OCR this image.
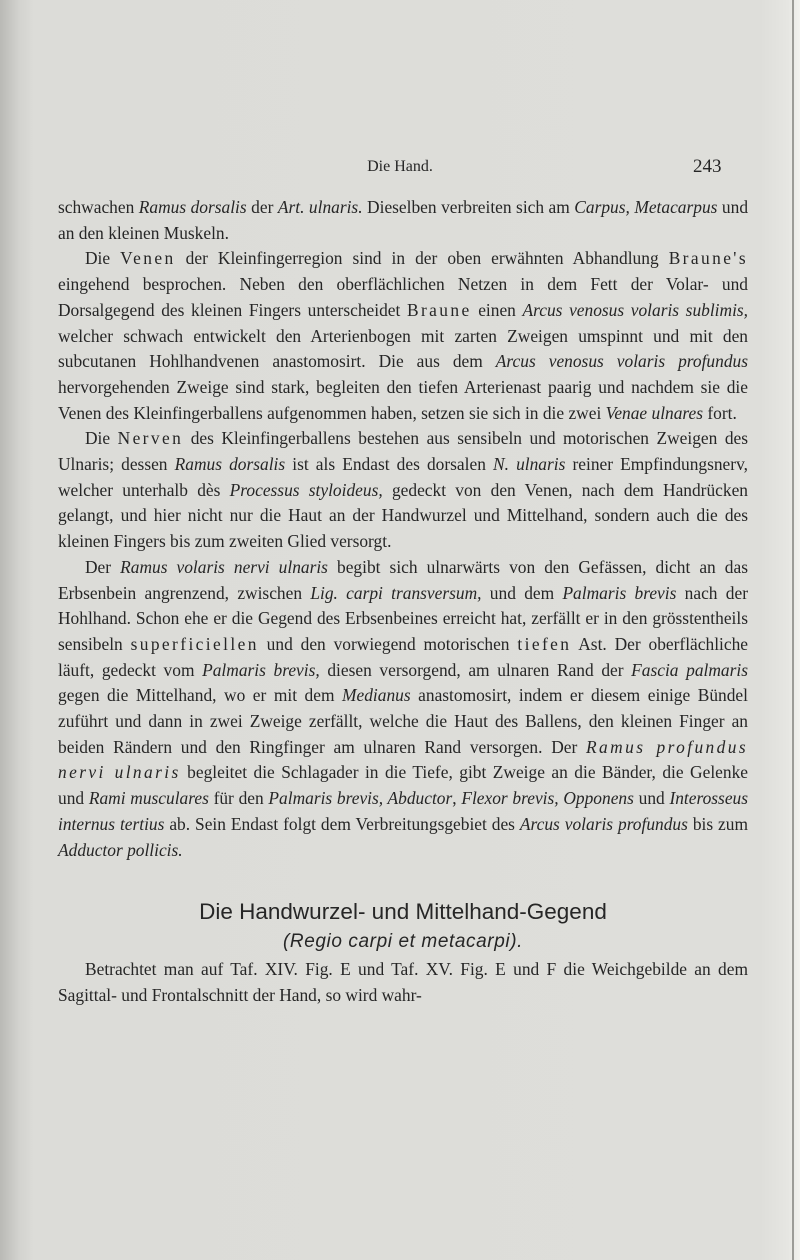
Die Hand.	243

schwachen Ramus dorsalis der Art. ulnaris. Dieselben verbreiten sich am Carpus, Metacarpus und an den kleinen Muskeln.

Die Venen der Kleinfingerregion sind in der oben erwähnten Abhandlung Braune's eingehend besprochen. Neben den oberflächlichen Netzen in dem Fett der Volar- und Dorsalgegend des kleinen Fingers unterscheidet Braune einen Arcus venosus volaris sublimis, welcher schwach entwickelt den Arterienbogen mit zarten Zweigen umspinnt und mit den subcutanen Hohlhandvenen anastomosirt. Die aus dem Arcus venosus volaris profundus hervorgehenden Zweige sind stark, begleiten den tiefen Arterienast paarig und nachdem sie die Venen des Kleinfingerballens aufgenommen haben, setzen sie sich in die zwei Venae ulnares fort.

Die Nerven des Kleinfingerballens bestehen aus sensibeln und motorischen Zweigen des Ulnaris; dessen Ramus dorsalis ist als Endast des dorsalen N. ulnaris reiner Empfindungsnerv, welcher unterhalb dès Processus styloideus, gedeckt von den Venen, nach dem Handrücken gelangt, und hier nicht nur die Haut an der Handwurzel und Mittelhand, sondern auch die des kleinen Fingers bis zum zweiten Glied versorgt.

Der Ramus volaris nervi ulnaris begibt sich ulnarwärts von den Gefässen, dicht an das Erbsenbein angrenzend, zwischen Lig. carpi transversum, und dem Palmaris brevis nach der Hohlhand. Schon ehe er die Gegend des Erbsenbeines erreicht hat, zerfällt er in den grösstentheils sensibeln superficiellen und den vorwiegend motorischen tiefen Ast. Der oberflächliche läuft, gedeckt vom Palmaris brevis, diesen versorgend, am ulnaren Rand der Fascia palmaris gegen die Mittelhand, wo er mit dem Medianus anastomosirt, indem er diesem einige Bündel zuführt und dann in zwei Zweige zerfällt, welche die Haut des Ballens, den kleinen Finger an beiden Rändern und den Ringfinger am ulnaren Rand versorgen. Der Ramus profundus nervi ulnaris begleitet die Schlagader in die Tiefe, gibt Zweige an die Bänder, die Gelenke und Rami musculares für den Palmaris brevis, Abductor, Flexor brevis, Opponens und Interosseus internus tertius ab. Sein Endast folgt dem Verbreitungsgebiet des Arcus volaris profundus bis zum Adductor pollicis.

Die Handwurzel- und Mittelhand-Gegend
(Regio carpi et metacarpi).

Betrachtet man auf Taf. XIV. Fig. E und Taf. XV. Fig. E und F die Weichgebilde an dem Sagittal- und Frontalschnitt der Hand, so wird wahr-
